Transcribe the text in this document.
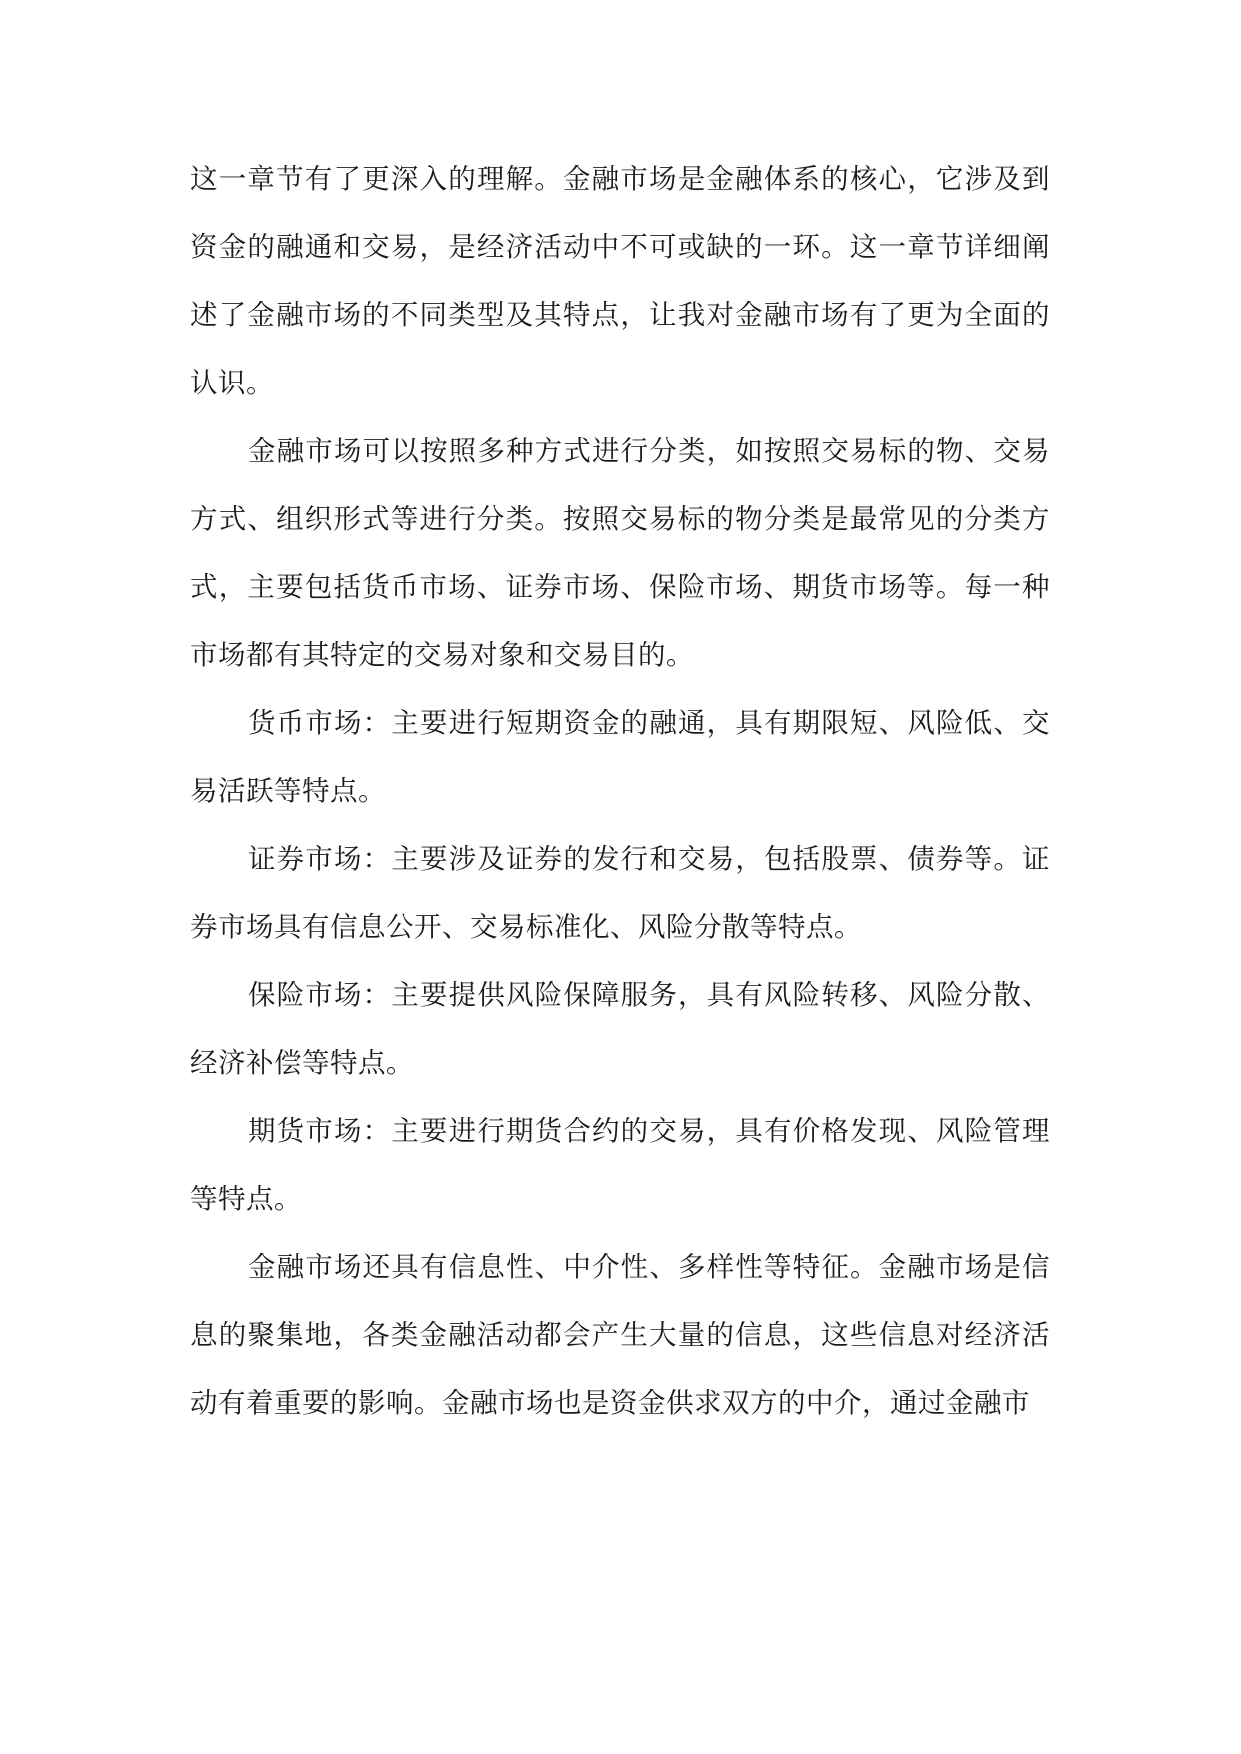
这一章节有了更深入的理解。金融市场是金融体系的核心，它涉及到资金的融通和交易，是经济活动中不可或缺的一环。这一章节详细阐述了金融市场的不同类型及其特点，让我对金融市场有了更为全面的认识。

金融市场可以按照多种方式进行分类，如按照交易标的物、交易方式、组织形式等进行分类。按照交易标的物分类是最常见的分类方式，主要包括货币市场、证券市场、保险市场、期货市场等。每一种市场都有其特定的交易对象和交易目的。

货币市场：主要进行短期资金的融通，具有期限短、风险低、交易活跃等特点。

证券市场：主要涉及证券的发行和交易，包括股票、债券等。证券市场具有信息公开、交易标准化、风险分散等特点。

保险市场：主要提供风险保障服务，具有风险转移、风险分散、经济补偿等特点。

期货市场：主要进行期货合约的交易，具有价格发现、风险管理等特点。

金融市场还具有信息性、中介性、多样性等特征。金融市场是信息的聚集地，各类金融活动都会产生大量的信息，这些信息对经济活动有着重要的影响。金融市场也是资金供求双方的中介，通过金融市
